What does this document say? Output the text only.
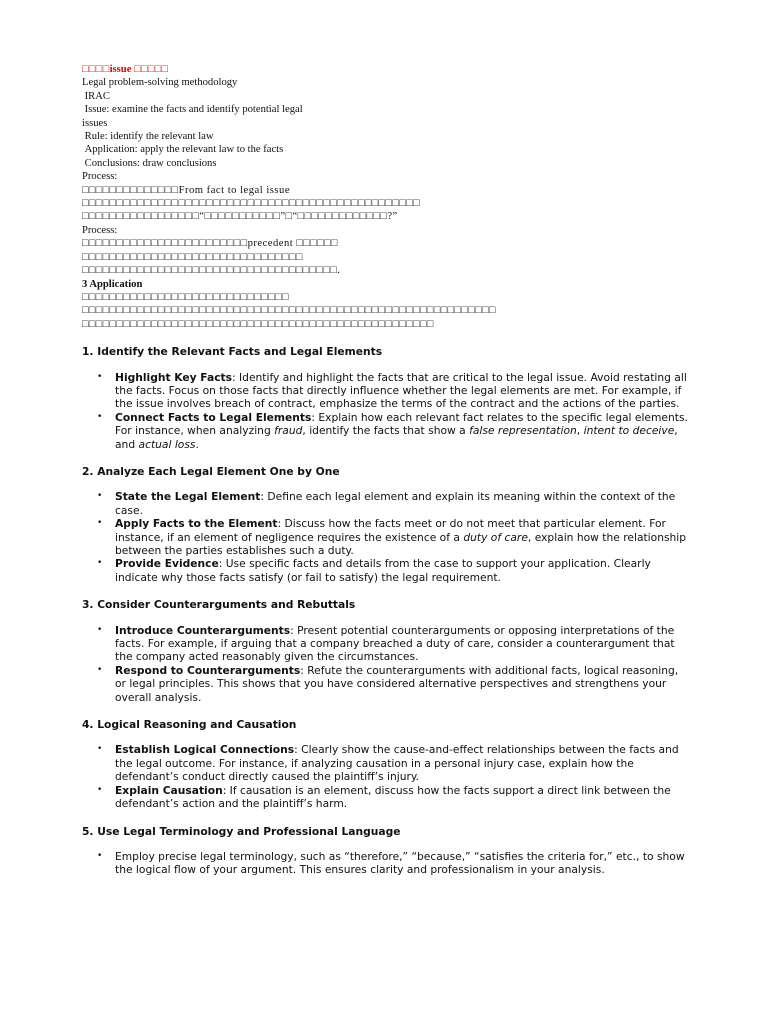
□□□□issue □□□□□
Legal problem-solving methodology
IRAC
Issue: examine the facts and identify potential legal
issues
Rule: identify the relevant law
Application: apply the relevant law to the facts
Conclusions: draw conclusions
Process:
□□□□□□□□□□□□□□From fact to legal issue
□□□□□□□□□□□□□□□□□□□□□□□□□□□□□□□□□□□□□□□□□□□□□□□□□
□□□□□□□□□□□□□□□□□“□□□□□□□□□□□”□“□□□□□□□□□□□□□?”
Process:
□□□□□□□□□□□□□□□□□□□□□□□□precedent □□□□□□
□□□□□□□□□□□□□□□□□□□□□□□□□□□□□□□□
□□□□□□□□□□□□□□□□□□□□□□□□□□□□□□□□□□□□□.
3 Application
□□□□□□□□□□□□□□□□□□□□□□□□□□□□□□
□□□□□□□□□□□□□□□□□□□□□□□□□□□□□□□□□□□□□□□□□□□□□□□□□□□□□□□□□□□□
□□□□□□□□□□□□□□□□□□□□□□□□□□□□□□□□□□□□□□□□□□□□□□□□□□□
1. Identify the Relevant Facts and Legal Elements
• Highlight Key Facts: Identify and highlight the facts that are critical to the legal issue. Avoid restating all the facts. Focus on those facts that directly influence whether the legal elements are met. For example, if the issue involves breach of contract, emphasize the terms of the contract and the actions of the parties.
• Connect Facts to Legal Elements: Explain how each relevant fact relates to the specific legal elements. For instance, when analyzing fraud, identify the facts that show a false representation, intent to deceive, and actual loss.
2. Analyze Each Legal Element One by One
• State the Legal Element: Define each legal element and explain its meaning within the context of the case.
• Apply Facts to the Element: Discuss how the facts meet or do not meet that particular element. For instance, if an element of negligence requires the existence of a duty of care, explain how the relationship between the parties establishes such a duty.
• Provide Evidence: Use specific facts and details from the case to support your application. Clearly indicate why those facts satisfy (or fail to satisfy) the legal requirement.
3. Consider Counterarguments and Rebuttals
• Introduce Counterarguments: Present potential counterarguments or opposing interpretations of the facts. For example, if arguing that a company breached a duty of care, consider a counterargument that the company acted reasonably given the circumstances.
• Respond to Counterarguments: Refute the counterarguments with additional facts, logical reasoning, or legal principles. This shows that you have considered alternative perspectives and strengthens your overall analysis.
4. Logical Reasoning and Causation
• Establish Logical Connections: Clearly show the cause-and-effect relationships between the facts and the legal outcome. For instance, if analyzing causation in a personal injury case, explain how the defendant’s conduct directly caused the plaintiff’s injury.
• Explain Causation: If causation is an element, discuss how the facts support a direct link between the defendant’s action and the plaintiff’s harm.
5. Use Legal Terminology and Professional Language
• Employ precise legal terminology, such as “therefore,” “because,” “satisfies the criteria for,” etc., to show the logical flow of your argument. This ensures clarity and professionalism in your analysis.
